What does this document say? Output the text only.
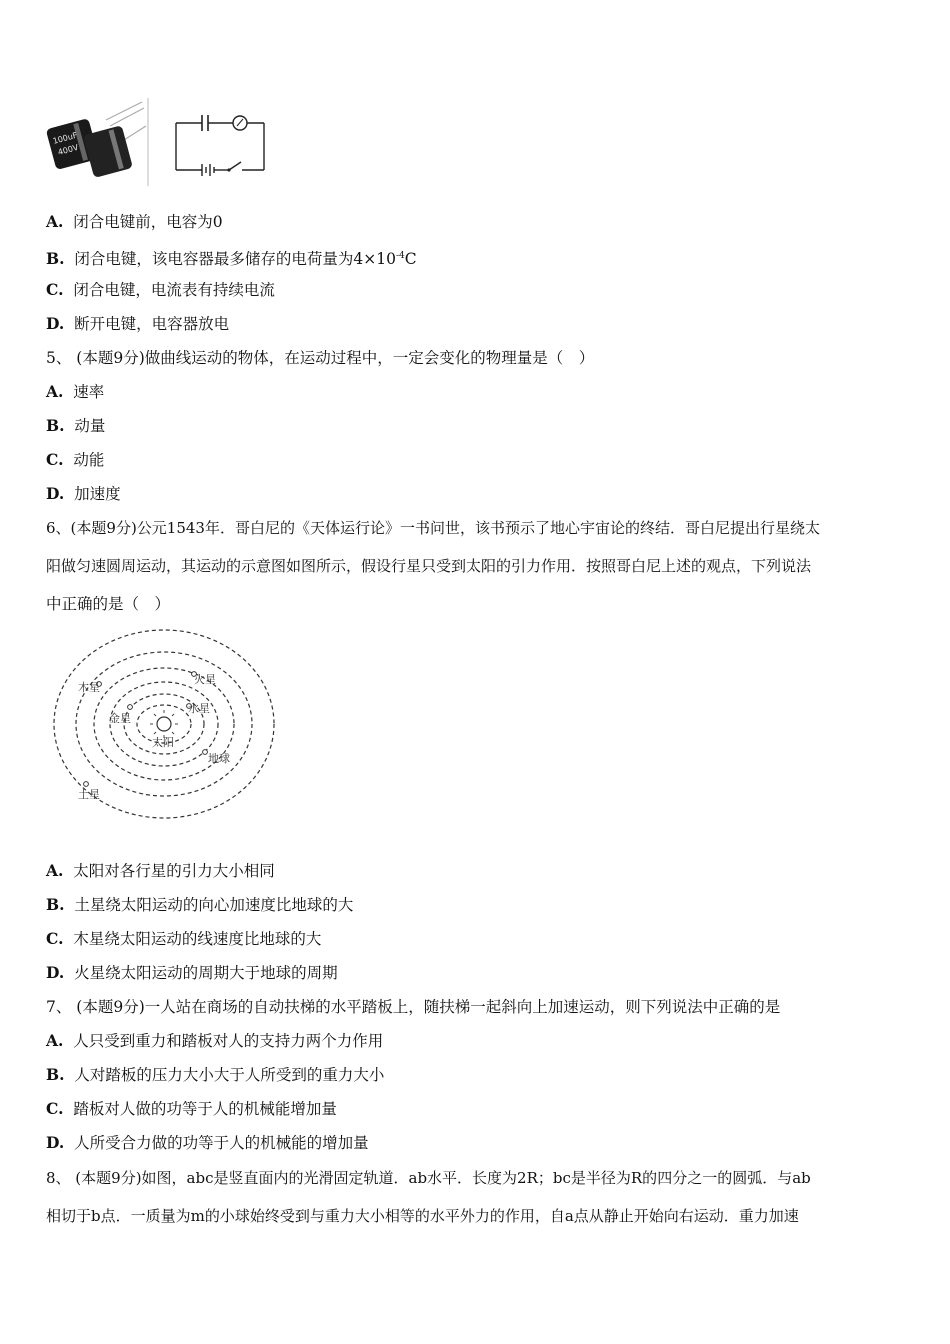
100uF
400V
A. 闭合电键前，电容为0
B. 闭合电键，该电容器最多储存的电荷量为$4\times 10^{-4}C$
C. 闭合电键，电流表有持续电流
D. 断开电键，电容器放电
5、 (本题9分)做曲线运动的物体，在运动过程中，一定会变化的物理量是（　）
A. 速率
B. 动量
C. 动能
D. 加速度
6、(本题9分)公元1543年．哥白尼的《天体运行论》一书问世，该书预示了地心宇宙论的终结．哥白尼提出行星绕太
阳做匀速圆周运动，其运动的示意图如图所示，假设行星只受到太阳的引力作用．按照哥白尼上述的观点，下列说法
中正确的是（　）
木星
火星
水星
金星
太阳
地球
土星
A. 太阳对各行星的引力大小相同
B. 土星绕太阳运动的向心加速度比地球的大
C. 木星绕太阳运动的线速度比地球的大
D. 火星绕太阳运动的周期大于地球的周期
7、 (本题9分)一人站在商场的自动扶梯的水平踏板上，随扶梯一起斜向上加速运动，则下列说法中正确的是
A. 人只受到重力和踏板对人的支持力两个力作用
B. 人对踏板的压力大小大于人所受到的重力大小
C. 踏板对人做的功等于人的机械能增加量
D. 人所受合力做的功等于人的机械能的增加量
8、 (本题9分)如图，abc是竖直面内的光滑固定轨道．ab水平．长度为2R；bc是半径为R的四分之一的圆弧．与ab
相切于b点．一质量为m的小球始终受到与重力大小相等的水平外力的作用，自a点从静止开始向右运动．重力加速
